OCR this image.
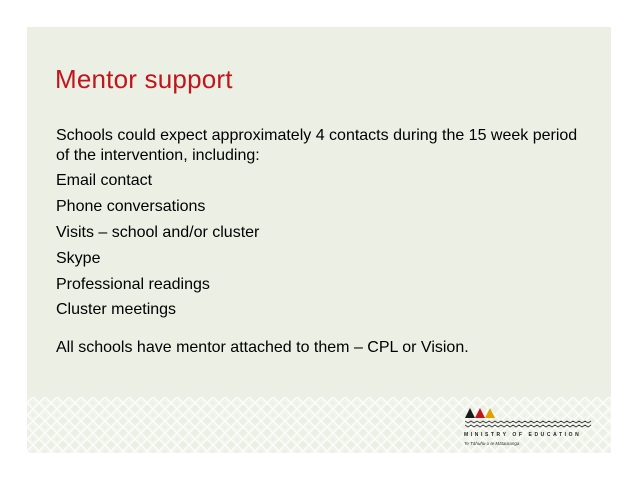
Mentor support

Schools could expect approximately 4 contacts during the 15 week period of the intervention, including:

Email contact

Phone conversations

Visits – school and/or cluster

Skype

Professional readings

Cluster meetings

All schools have mentor attached to them – CPL or Vision.

MINISTRY OF EDUCATION
Te Tāhuhu o te Mātauranga
